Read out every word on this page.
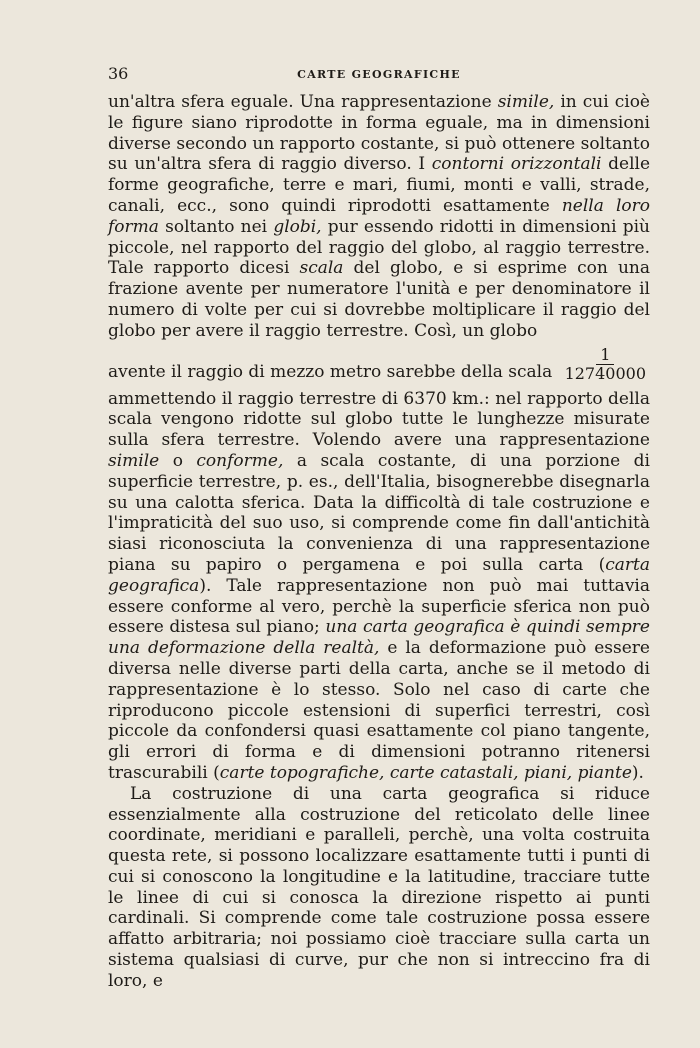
36	CARTE GEOGRAFICHE

un'altra sfera eguale. Una rappresentazione simile, in cui cioè le figure siano riprodotte in forma eguale, ma in dimensioni diverse secondo un rapporto costante, si può ottenere soltanto su un'altra sfera di raggio diverso. I contorni orizzontali delle forme geografiche, terre e mari, fiumi, monti e valli, strade, canali, ecc., sono quindi riprodotti esattamente nella loro forma soltanto nei globi, pur essendo ridotti in dimensioni più piccole, nel rapporto del raggio del globo, al raggio terrestre. Tale rapporto dicesi scala del globo, e si esprime con una frazione avente per numeratore l'unità e per denominatore il numero di volte per cui si dovrebbe moltiplicare il raggio del globo per avere il raggio terrestre. Così, un globo

avente il raggio di mezzo metro sarebbe della scala $\frac{1}{12740000}$

ammettendo il raggio terrestre di 6370 km.: nel rapporto della scala vengono ridotte sul globo tutte le lunghezze misurate sulla sfera terrestre. Volendo avere una rappresentazione simile o conforme, a scala costante, di una porzione di superficie terrestre, p. es., dell'Italia, bisognerebbe disegnarla su una calotta sferica. Data la difficoltà di tale costruzione e l'impraticità del suo uso, si comprende come fin dall'antichità siasi riconosciuta la convenienza di una rappresentazione piana su papiro o pergamena e poi sulla carta (carta geografica). Tale rappresentazione non può mai tuttavia essere conforme al vero, perchè la superficie sferica non può essere distesa sul piano; una carta geografica è quindi sempre una deformazione della realtà, e la deformazione può essere diversa nelle diverse parti della carta, anche se il metodo di rappresentazione è lo stesso. Solo nel caso di carte che riproducono piccole estensioni di superfici terrestri, così piccole da confondersi quasi esattamente col piano tangente, gli errori di forma e di dimensioni potranno ritenersi trascurabili (carte topografiche, carte catastali, piani, piante).

La costruzione di una carta geografica si riduce essenzialmente alla costruzione del reticolato delle linee coordinate, meridiani e paralleli, perchè, una volta costruita questa rete, si possono localizzare esattamente tutti i punti di cui si conoscono la longitudine e la latitudine, tracciare tutte le linee di cui si conosca la direzione rispetto ai punti cardinali. Si comprende come tale costruzione possa essere affatto arbitraria; noi possiamo cioè tracciare sulla carta un sistema qualsiasi di curve, pur che non si intreccino fra di loro, e
